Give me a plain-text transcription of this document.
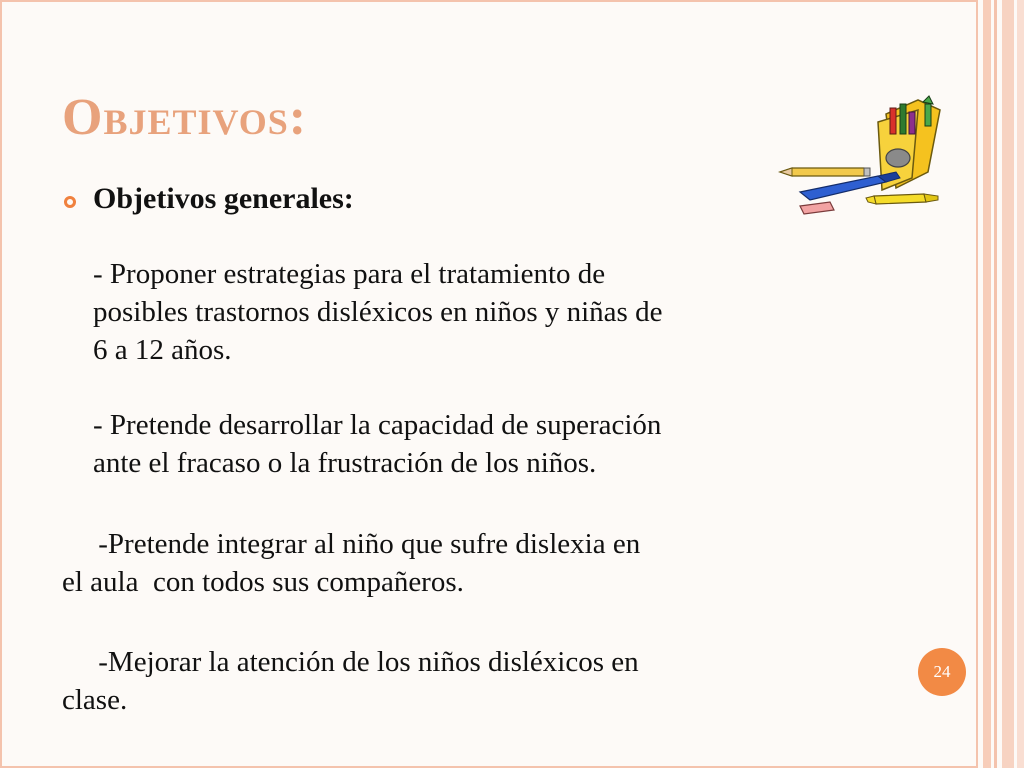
Objetivos:

Objetivos generales:

- Proponer estrategias para el tratamiento de
posibles trastornos disléxicos en niños y niñas de
6 a 12 años.

- Pretende desarrollar la capacidad de superación
ante el fracaso o la frustración de los niños.

-Pretende integrar al niño que sufre dislexia en
el aula  con todos sus compañeros.

-Mejorar la atención de los niños disléxicos en
clase.

24
